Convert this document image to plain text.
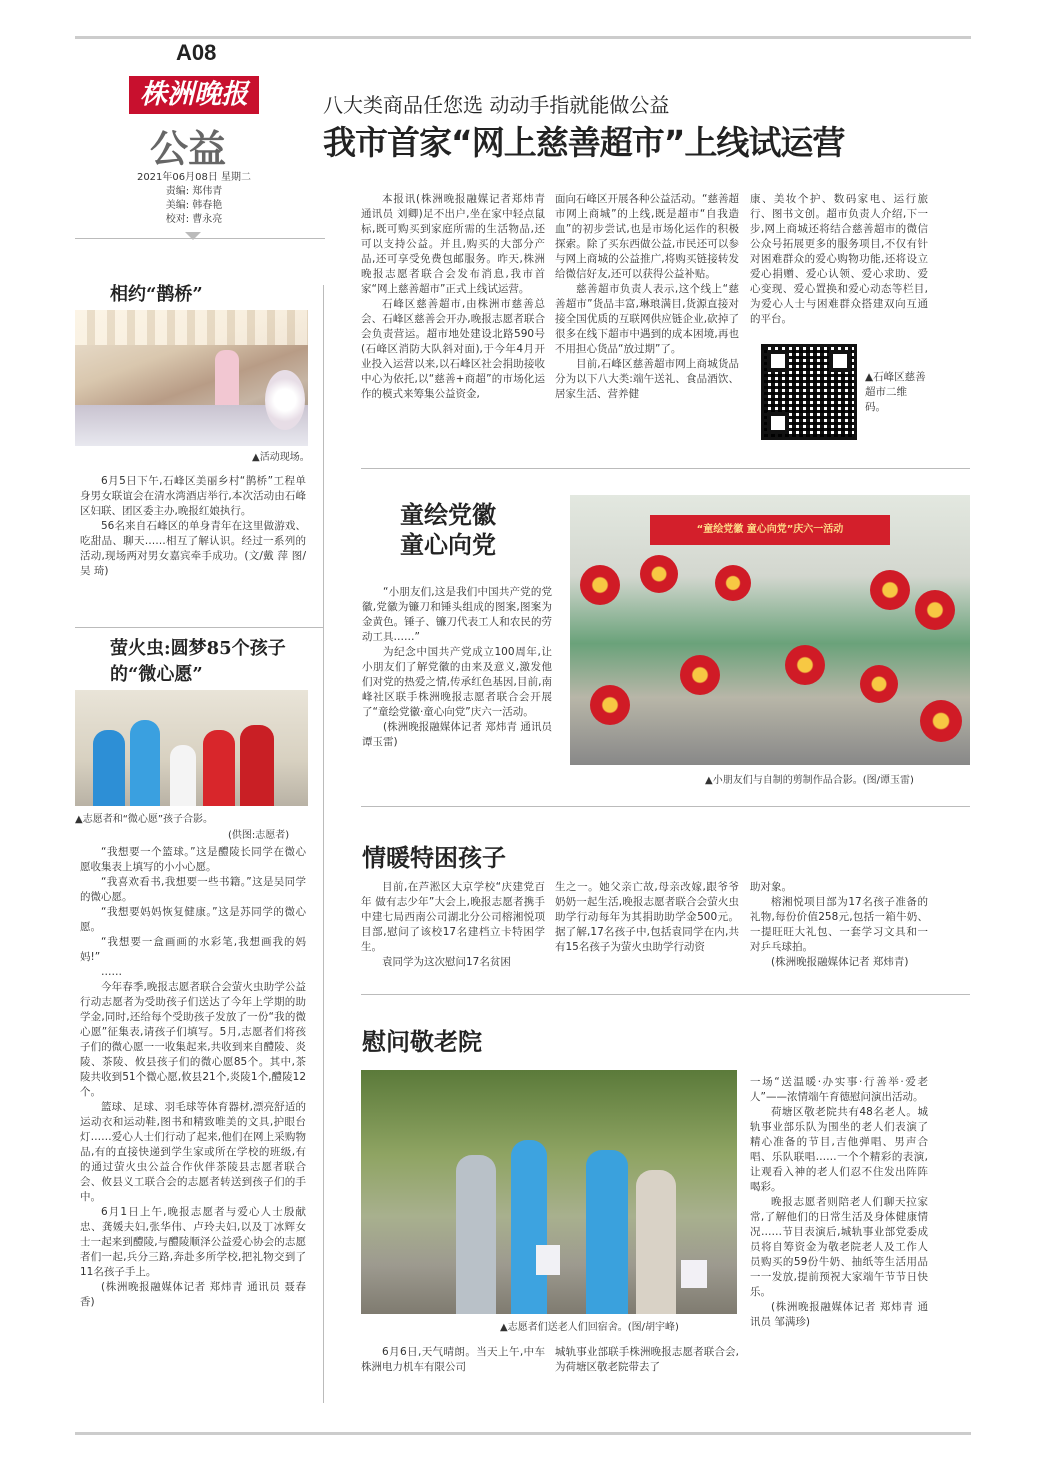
A08
株洲晚报
公益
2021年06月08日 星期二
责编: 郑伟青
美编: 韩春艳
校对: 曹永亮
八大类商品任您选 动动手指就能做公益
我市首家“网上慈善超市”上线试运营

本报讯(株洲晚报融媒记者郑炜青 通讯员 刘卿)足不出户,坐在家中轻点鼠标,既可购买到家庭所需的生活物品,还可以支持公益。并且,购买的大部分产品,还可享受免费包邮服务。昨天,株洲晚报志愿者联合会发布消息,我市首家“网上慈善超市”正式上线试运营。

石峰区慈善超市,由株洲市慈善总会、石峰区慈善会开办,晚报志愿者联合会负责营运。超市地处建设北路590号(石峰区消防大队斜对面),于今年4月开业投入运营以来,以石峰区社会捐助接收中心为依托,以“慈善+商超”的市场化运作的模式来筹集公益资金,

面向石峰区开展各种公益活动。“慈善超市网上商城”的上线,既是超市“自我造血”的初步尝试,也是市场化运作的积极探索。除了买东西做公益,市民还可以参与网上商城的公益推广,将购买链接转发给微信好友,还可以获得公益补贴。

慈善超市负责人表示,这个线上“慈善超市”货品丰富,琳琅满目,货源直接对接全国优质的互联网供应链企业,砍掉了很多在线下超市中遇到的成本困境,再也不用担心货品“放过期”了。

目前,石峰区慈善超市网上商城货品分为以下八大类:端午送礼、食品酒饮、居家生活、营养健

康、美妆个护、数码家电、运行旅行、图书文创。超市负责人介绍,下一步,网上商城还将结合慈善超市的微信公众号拓展更多的服务项目,不仅有针对困难群众的爱心购物功能,还将设立爱心捐赠、爱心认领、爱心求助、爱心变现、爱心置换和爱心动态等栏目,为爱心人士与困难群众搭建双向互通的平台。

▲石峰区慈善超市二维码。
相约“鹊桥”
▲活动现场。

6月5日下午,石峰区美丽乡村“鹊桥”工程单身男女联谊会在清水湾酒店举行,本次活动由石峰区妇联、团区委主办,晚报红娘执行。

56名来自石峰区的单身青年在这里做游戏、吃甜品、聊天……相互了解认识。经过一系列的活动,现场两对男女嘉宾牵手成功。(文/戴 萍 图/ 吴 琦)

萤火虫:圆梦85个孩子的“微心愿”
▲志愿者和“微心愿”孩子合影。
(供图:志愿者)

“我想要一个篮球。”这是醴陵长同学在微心愿收集表上填写的小小心愿。

“我喜欢看书,我想要一些书籍。”这是吴同学的微心愿。

“我想要妈妈恢复健康。”这是苏同学的微心愿。

“我想要一盒画画的水彩笔,我想画我的妈妈!”

……

今年春季,晚报志愿者联合会萤火虫助学公益行动志愿者为受助孩子们送达了今年上学期的助学金,同时,还给每个受助孩子发放了一份“我的微心愿”征集表,请孩子们填写。5月,志愿者们将孩子们的微心愿一一收集起来,共收到来自醴陵、炎陵、茶陵、攸县孩子们的微心愿85个。其中,茶陵共收到51个微心愿,攸县21个,炎陵1个,醴陵12个。

篮球、足球、羽毛球等体育器材,漂亮舒适的运动衣和运动鞋,图书和精致唯美的文具,护眼台灯……爱心人士们行动了起来,他们在网上采购物品,有的直接快递到学生家或所在学校的班级,有的通过萤火虫公益合作伙伴茶陵县志愿者联合会、攸县义工联合会的志愿者转送到孩子们的手中。

6月1日上午,晚报志愿者与爱心人士殷献忠、龚媛夫妇,张华伟、卢玲夫妇,以及丁冰辉女士一起来到醴陵,与醴陵顺泽公益爱心协会的志愿者们一起,兵分三路,奔赴多所学校,把礼物交到了11名孩子手上。

(株洲晚报融媒体记者 郑炜青 通讯员 聂春香)

童绘党徽
童心向党

“小朋友们,这是我们中国共产党的党徽,党徽为镰刀和锤头组成的图案,图案为金黄色。锤子、镰刀代表工人和农民的劳动工具……”

为纪念中国共产党成立100周年,让小朋友们了解党徽的由来及意义,激发他们对党的热爱之情,传承红色基因,目前,南峰社区联手株洲晚报志愿者联合会开展了“童绘党徽·童心向党”庆六一活动。

(株洲晚报融媒体记者 郑炜青 通讯员 谭玉雷)

“童绘党徽 童心向党”庆六一活动
▲小朋友们与自制的剪制作品合影。(图/谭玉雷)
情暖特困孩子

目前,在芦淞区大京学校“庆建党百年 做有志少年”大会上,晚报志愿者携手中建七局西南公司湖北分公司榕湘悦项目部,慰问了该校17名建档立卡特困学生。

袁同学为这次慰问17名贫困

生之一。她父亲亡故,母亲改嫁,跟爷爷奶奶一起生活,晚报志愿者联合会萤火虫助学行动每年为其捐助助学金500元。据了解,17名孩子中,包括袁同学在内,共有15名孩子为萤火虫助学行动资

助对象。

榕湘悦项目部为17名孩子准备的礼物,每份价值258元,包括一箱牛奶、一提旺旺大礼包、一套学习文具和一对乒乓球拍。

(株洲晚报融媒体记者 郑炜青)

慰问敬老院
▲志愿者们送老人们回宿舍。(图/胡宇峰)

6月6日,天气晴朗。当天上午,中车株洲电力机车有限公司

城轨事业部联手株洲晚报志愿者联合会,为荷塘区敬老院带去了

一场“送温暖·办实事·行善举·爱老人”——浓情端午育德慰问演出活动。

荷塘区敬老院共有48名老人。城轨事业部乐队为围坐的老人们表演了精心准备的节目,吉他弹唱、男声合唱、乐队联唱……一个个精彩的表演,让观看入神的老人们忍不住发出阵阵喝彩。

晚报志愿者则陪老人们聊天拉家常,了解他们的日常生活及身体健康情况……节目表演后,城轨事业部党委成员将自筹资金为敬老院老人及工作人员购买的59份牛奶、抽纸等生活用品一一发放,提前预祝大家端午节节日快乐。

(株洲晚报融媒体记者 郑炜青 通讯员 邹满珍)
